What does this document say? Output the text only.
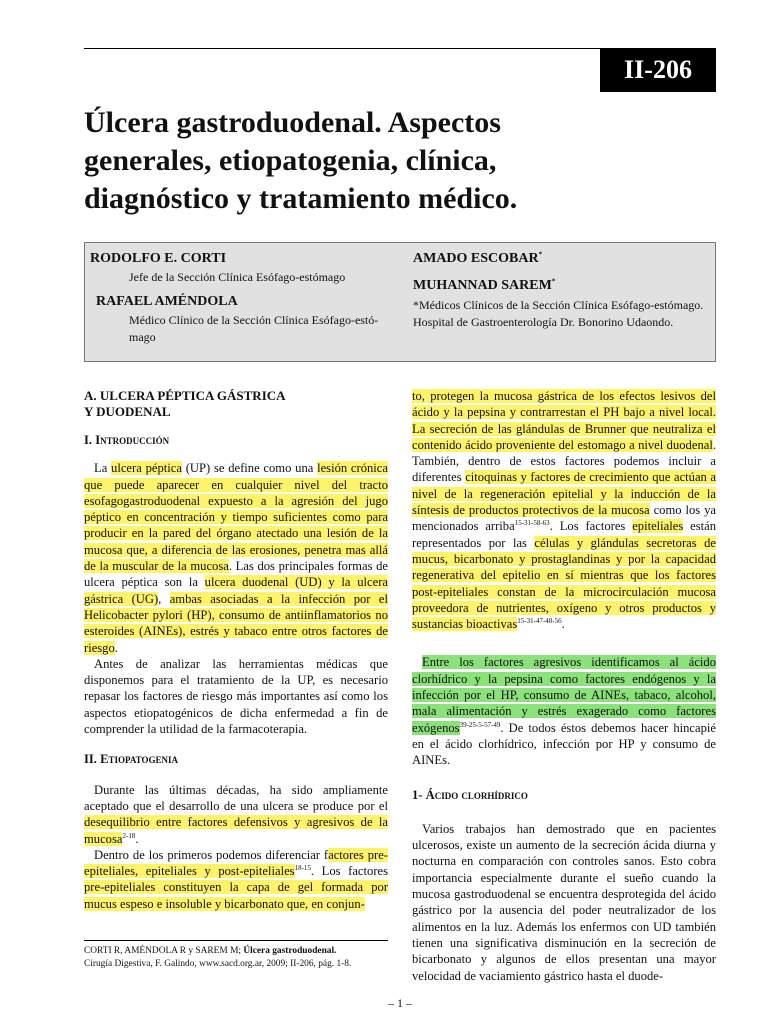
II-206
Úlcera gastroduodenal. Aspectos
generales, etiopatogenia, clínica,
diagnóstico y tratamiento médico.
RODOLFO E. CORTI
Jefe de la Sección Clínica Esófago-estómago
RAFAEL AMÉNDOLA
Médico Clínico de la Sección Clínica Esófago-estó-mago
AMADO ESCOBAR*
MUHANNAD SAREM*
*Médicos Clínicos de la Sección Clínica Esófago-estómago.
Hospital de Gastroenterología Dr. Bonorino Udaondo.

A. ULCERA PÉPTICA GÁSTRICA
Y DUODENAL

I. Introducción

La ulcera péptica (UP) se define como una lesión crónica que puede aparecer en cualquier nivel del tracto esofagogastroduodenal expuesto a la agresión del jugo péptico en concentración y tiempo suficientes como para producir en la pared del órgano atectado una lesión de la mucosa que, a diferencia de las erosiones, penetra mas allá de la muscular de la mucosa. Las dos principales formas de ulcera péptica son la ulcera duodenal (UD) y la ulcera gástrica (UG), ambas asociadas a la infección por el Helicobacter pylori (HP), consumo de antiinflamatorios no esteroides (AINEs), estrés y tabaco entre otros factores de riesgo.

Antes de analizar las herramientas médicas que disponemos para el tratamiento de la UP, es necesario repasar los factores de riesgo más importantes así como los aspectos etiopatogénicos de dicha enfermedad a fin de comprender la utilidad de la farmacoterapia.

II. Etiopatogenia

Durante las últimas décadas, ha sido ampliamente aceptado que el desarrollo de una ulcera se produce por el desequilibrio entre factores defensivos y agresivos de la mucosa$^{2-18}$.

Dentro de los primeros podemos diferenciar factores pre-epiteliales, epiteliales y post-epiteliales$^{18-15}$. Los factores pre-epiteliales constituyen la capa de gel formada por mucus espeso e insoluble y bicarbonato que, en conjun-

to, protegen la mucosa gástrica de los efectos lesivos del ácido y la pepsina y contrarrestan el PH bajo a nivel local. La secreción de las glándulas de Brunner que neutraliza el contenido ácido proveniente del estomago a nivel duodenal. También, dentro de estos factores podemos incluir a diferentes citoquinas y factores de crecimiento que actúan a nivel de la regeneración epitelial y la inducción de la síntesis de productos protectivos de la mucosa como los ya mencionados arriba$^{15-31-58-63}$. Los factores epiteliales están representados por las células y glándulas secretoras de mucus, bicarbonato y prostaglandinas y por la capacidad regenerativa del epitelio en sí mientras que los factores post-epiteliales constan de la microcirculación mucosa proveedora de nutrientes, oxígeno y otros productos y sustancias bioactivas$^{15-31-47-48-56}$.

Entre los factores agresivos identificamos al ácido clorhídrico y la pepsina como factores endógenos y la infección por el HP, consumo de AINEs, tabaco, alcohol, mala alimentación y estrés exagerado como factores exógenos$^{39-25-5-57-49}$. De todos éstos debemos hacer hincapié en el ácido clorhídrico, infección por HP y consumo de AINEs.

1- Ácido clorhídrico

Varios trabajos han demostrado que en pacientes ulcerosos, existe un aumento de la secreción ácida diurna y nocturna en comparación con controles sanos. Esto cobra importancia especialmente durante el sueño cuando la mucosa gastroduodenal se encuentra desprotegida del ácido gástrico por la ausencia del poder neutralizador de los alimentos en la luz. Además los enfermos con UD también tienen una significativa disminución en la secreción de bicarbonato y algunos de ellos presentan una mayor velocidad de vaciamiento gástrico hasta el duode-

CORTI R, AMÉNDOLA R y SAREM M; Úlcera gastroduodenal.
Cirugía Digestiva, F. Galindo, www.sacd.org.ar, 2009; II-206, pág. 1-8.
– 1 –
